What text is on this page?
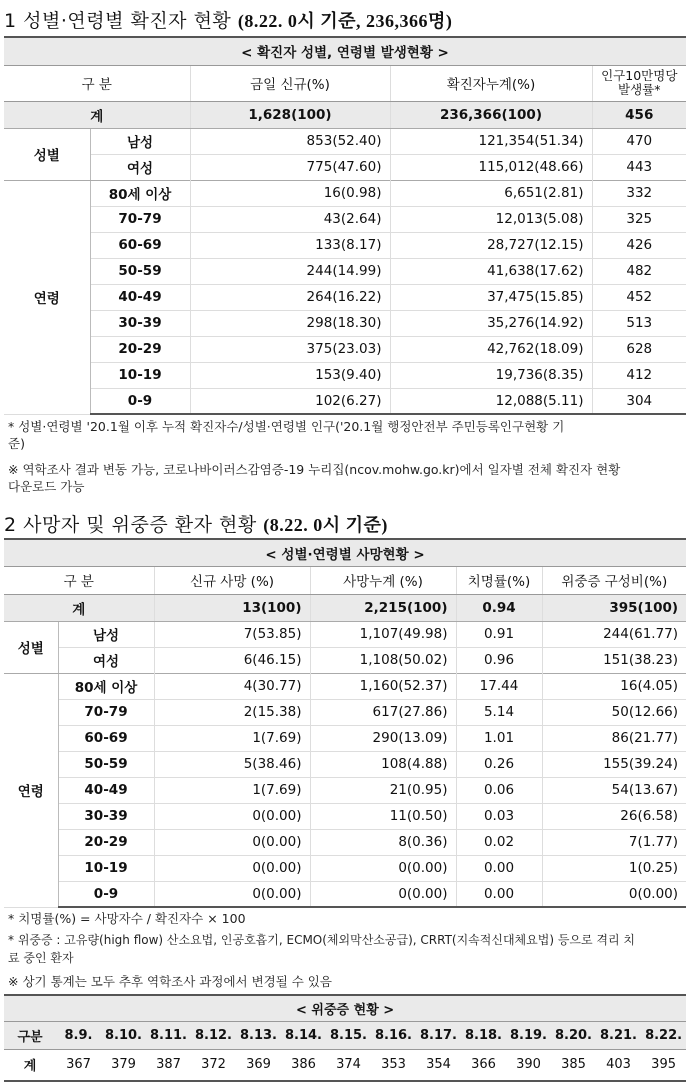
1 성별·연령별 확진자 현황 (8.22. 0시 기준, 236,366명)
< 확진자 성별, 연령별 발생현황 >				
구 분		금일 신규(%)	확진자누계(%)	인구10만명당
발생률*
계		1,628(100)	236,366(100)	456
성별	남성	853(52.40)	121,354(51.34)	470
	여성	775(47.60)	115,012(48.66)	443
연령	80세 이상	16(0.98)	6,651(2.81)	332
	70-79	43(2.64)	12,013(5.08)	325
	60-69	133(8.17)	28,727(12.15)	426
	50-59	244(14.99)	41,638(17.62)	482
	40-49	264(16.22)	37,475(15.85)	452
	30-39	298(18.30)	35,276(14.92)	513
	20-29	375(23.03)	42,762(18.09)	628
	10-19	153(9.40)	19,736(8.35)	412
	0-9	102(6.27)	12,088(5.11)	304
* 성별·연령별 '20.1월 이후 누적 확진자수/성별·연령별 인구('20.1월 행정안전부 주민등록인구현황 기
준)
※ 역학조사 결과 변동 가능, 코로나바이러스감염증-19 누리집(ncov.mohw.go.kr)에서 일자별 전체 확진자 현황
다운로드 가능
2 사망자 및 위중증 환자 현황 (8.22. 0시 기준)
< 성별·연령별 사망현황 >					
구 분		신규 사망 (%)	사망누계 (%)	치명률(%)	위중증 구성비(%)
계		13(100)	2,215(100)	0.94	395(100)
성별	남성	7(53.85)	1,107(49.98)	0.91	244(61.77)
	여성	6(46.15)	1,108(50.02)	0.96	151(38.23)
연령	80세 이상	4(30.77)	1,160(52.37)	17.44	16(4.05)
	70-79	2(15.38)	617(27.86)	5.14	50(12.66)
	60-69	1(7.69)	290(13.09)	1.01	86(21.77)
	50-59	5(38.46)	108(4.88)	0.26	155(39.24)
	40-49	1(7.69)	21(0.95)	0.06	54(13.67)
	30-39	0(0.00)	11(0.50)	0.03	26(6.58)
	20-29	0(0.00)	8(0.36)	0.02	7(1.77)
	10-19	0(0.00)	0(0.00)	0.00	1(0.25)
	0-9	0(0.00)	0(0.00)	0.00	0(0.00)
* 치명률(%) = 사망자수 / 확진자수 × 100
* 위중증 : 고유량(high flow) 산소요법, 인공호흡기, ECMO(체외막산소공급), CRRT(지속적신대체요법) 등으로 격리 치
료 중인 환자
※ 상기 통계는 모두 추후 역학조사 과정에서 변경될 수 있음
< 위중증 현황 >														
구분	8.9.	8.10.	8.11.	8.12.	8.13.	8.14.	8.15.	8.16.	8.17.	8.18.	8.19.	8.20.	8.21.	8.22.
계	367	379	387	372	369	386	374	353	354	366	390	385	403	395
